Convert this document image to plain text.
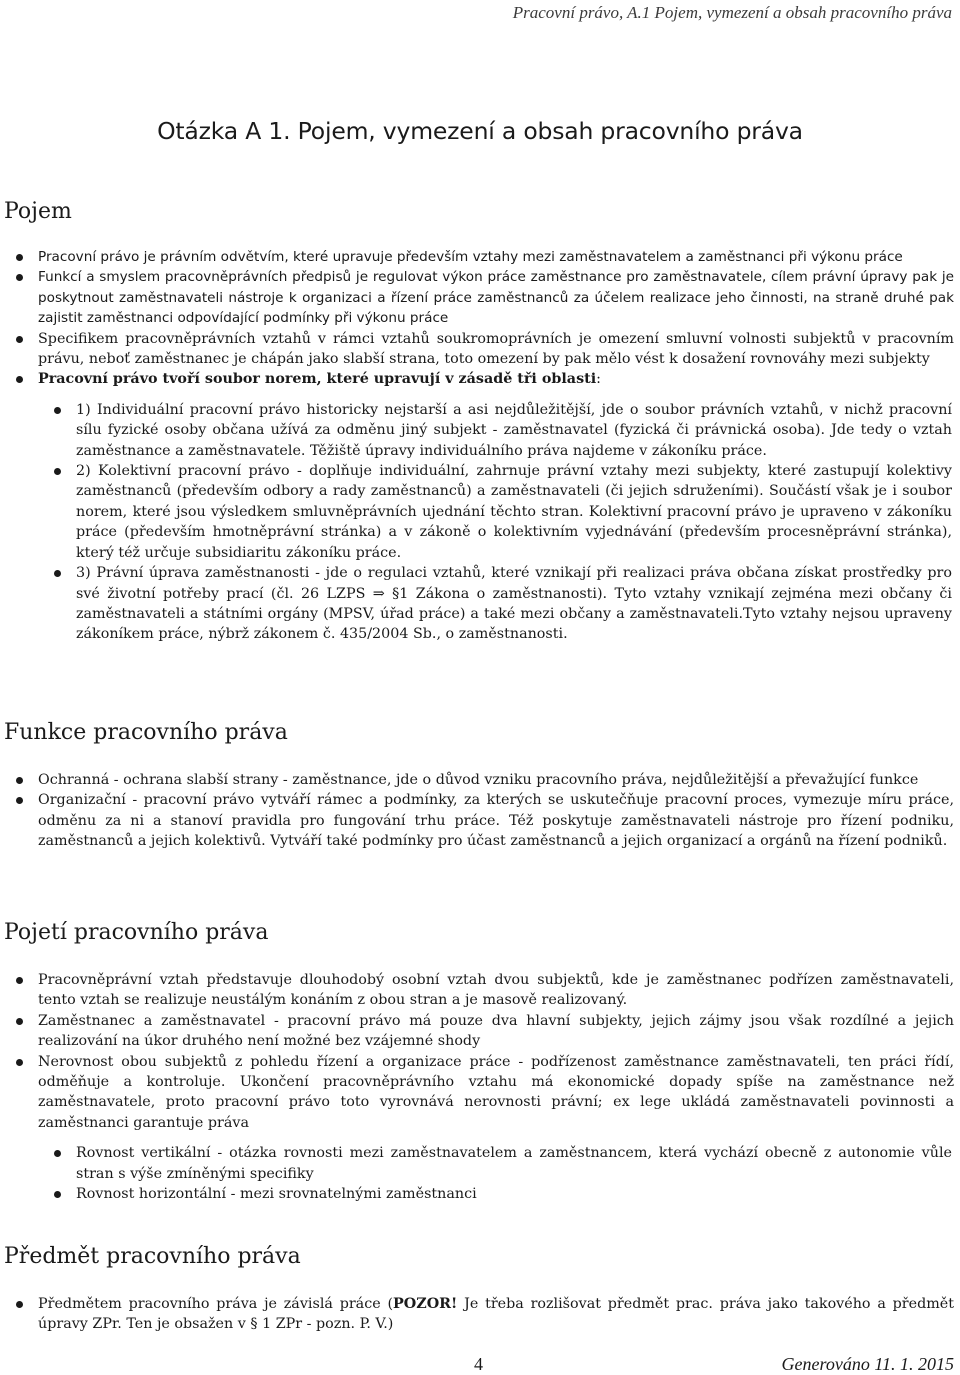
Pracovní právo, A.1 Pojem, vymezení a obsah pracovního práva
Otázka A 1. Pojem, vymezení a obsah pracovního práva
Pojem
Pracovní právo je právním odvětvím, které upravuje především vztahy mezi zaměstnavatelem a zaměstnanci při výkonu práce
Funkcí a smyslem pracovněprávních předpisů je regulovat výkon práce zaměstnance pro zaměstnavatele, cílem právní úpravy pak je poskytnout zaměstnavateli nástroje k organizaci a řízení práce zaměstnanců za účelem realizace jeho činnosti, na straně druhé pak zajistit zaměstnanci odpovídající podmínky při výkonu práce
Specifikem pracovněprávních vztahů v rámci vztahů soukromoprávních je omezení smluvní volnosti subjektů v pracovním právu, neboť zaměstnanec je chápán jako slabší strana, toto omezení by pak mělo vést k dosažení rovnováhy mezi subjekty
Pracovní právo tvoří soubor norem, které upravují v zásadě tři oblasti:
1) Individuální pracovní právo historicky nejstarší a asi nejdůležitější, jde o soubor právních vztahů, v nichž pracovní sílu fyzické osoby občana užívá za odměnu jiný subjekt - zaměstnavatel (fyzická či právnická osoba). Jde tedy o vztah zaměstnance a zaměstnavatele. Těžiště úpravy individuálního práva najdeme v zákoníku práce.
2) Kolektivní pracovní právo - doplňuje individuální, zahrnuje právní vztahy mezi subjekty, které zastupují kolektivy zaměstnanců (především odbory a rady zaměstnanců) a zaměstnavateli (či jejich sdruženími). Součástí však je i soubor norem, které jsou výsledkem smluvněprávních ujednání těchto stran. Kolektivní pracovní právo je upraveno v zákoníku práce (především hmotněprávní stránka) a v zákoně o kolektivním vyjednávání (především procesněprávní stránka), který též určuje subsidiaritu zákoníku práce.
3) Právní úprava zaměstnanosti - jde o regulaci vztahů, které vznikají při realizaci práva občana získat prostředky pro své životní potřeby prací (čl. 26 LZPS ⇒ §1 Zákona o zaměstnanosti). Tyto vztahy vznikají zejména mezi občany či zaměstnavateli a státními orgány (MPSV, úřad práce) a také mezi občany a zaměstnavateli.Tyto vztahy nejsou upraveny zákoníkem práce, nýbrž zákonem č. 435/2004 Sb., o zaměstnanosti.
Funkce pracovního práva
Ochranná - ochrana slabší strany - zaměstnance, jde o důvod vzniku pracovního práva, nejdůležitější a převažující funkce
Organizační - pracovní právo vytváří rámec a podmínky, za kterých se uskutečňuje pracovní proces, vymezuje míru práce, odměnu za ni a stanoví pravidla pro fungování trhu práce. Též poskytuje zaměstnavateli nástroje pro řízení podniku, zaměstnanců a jejich kolektivů. Vytváří také podmínky pro účast zaměstnanců a jejich organizací a orgánů na řízení podniků.
Pojetí pracovního práva
Pracovněprávní vztah představuje dlouhodobý osobní vztah dvou subjektů, kde je zaměstnanec podřízen zaměstnavateli, tento vztah se realizuje neustálým konáním z obou stran a je masově realizovaný.
Zaměstnanec a zaměstnavatel - pracovní právo má pouze dva hlavní subjekty, jejich zájmy jsou však rozdílné a jejich realizování na úkor druhého není možné bez vzájemné shody
Nerovnost obou subjektů z pohledu řízení a organizace práce - podřízenost zaměstnance zaměstnavateli, ten práci řídí, odměňuje a kontroluje. Ukončení pracovněprávního vztahu má ekonomické dopady spíše na zaměstnance než zaměstnavatele, proto pracovní právo toto vyrovnává nerovnosti právní; ex lege ukládá zaměstnavateli povinnosti a zaměstnanci garantuje práva
Rovnost vertikální - otázka rovnosti mezi zaměstnavatelem a zaměstnancem, která vychází obecně z autonomie vůle stran s výše zmíněnými specifiky
Rovnost horizontální - mezi srovnatelnými zaměstnanci
Předmět pracovního práva
Předmětem pracovního práva je závislá práce (POZOR! Je třeba rozlišovat předmět prac. práva jako takového a předmět úpravy ZPr. Ten je obsažen v § 1 ZPr - pozn. P. V.)
4	Generováno 11. 1. 2015
